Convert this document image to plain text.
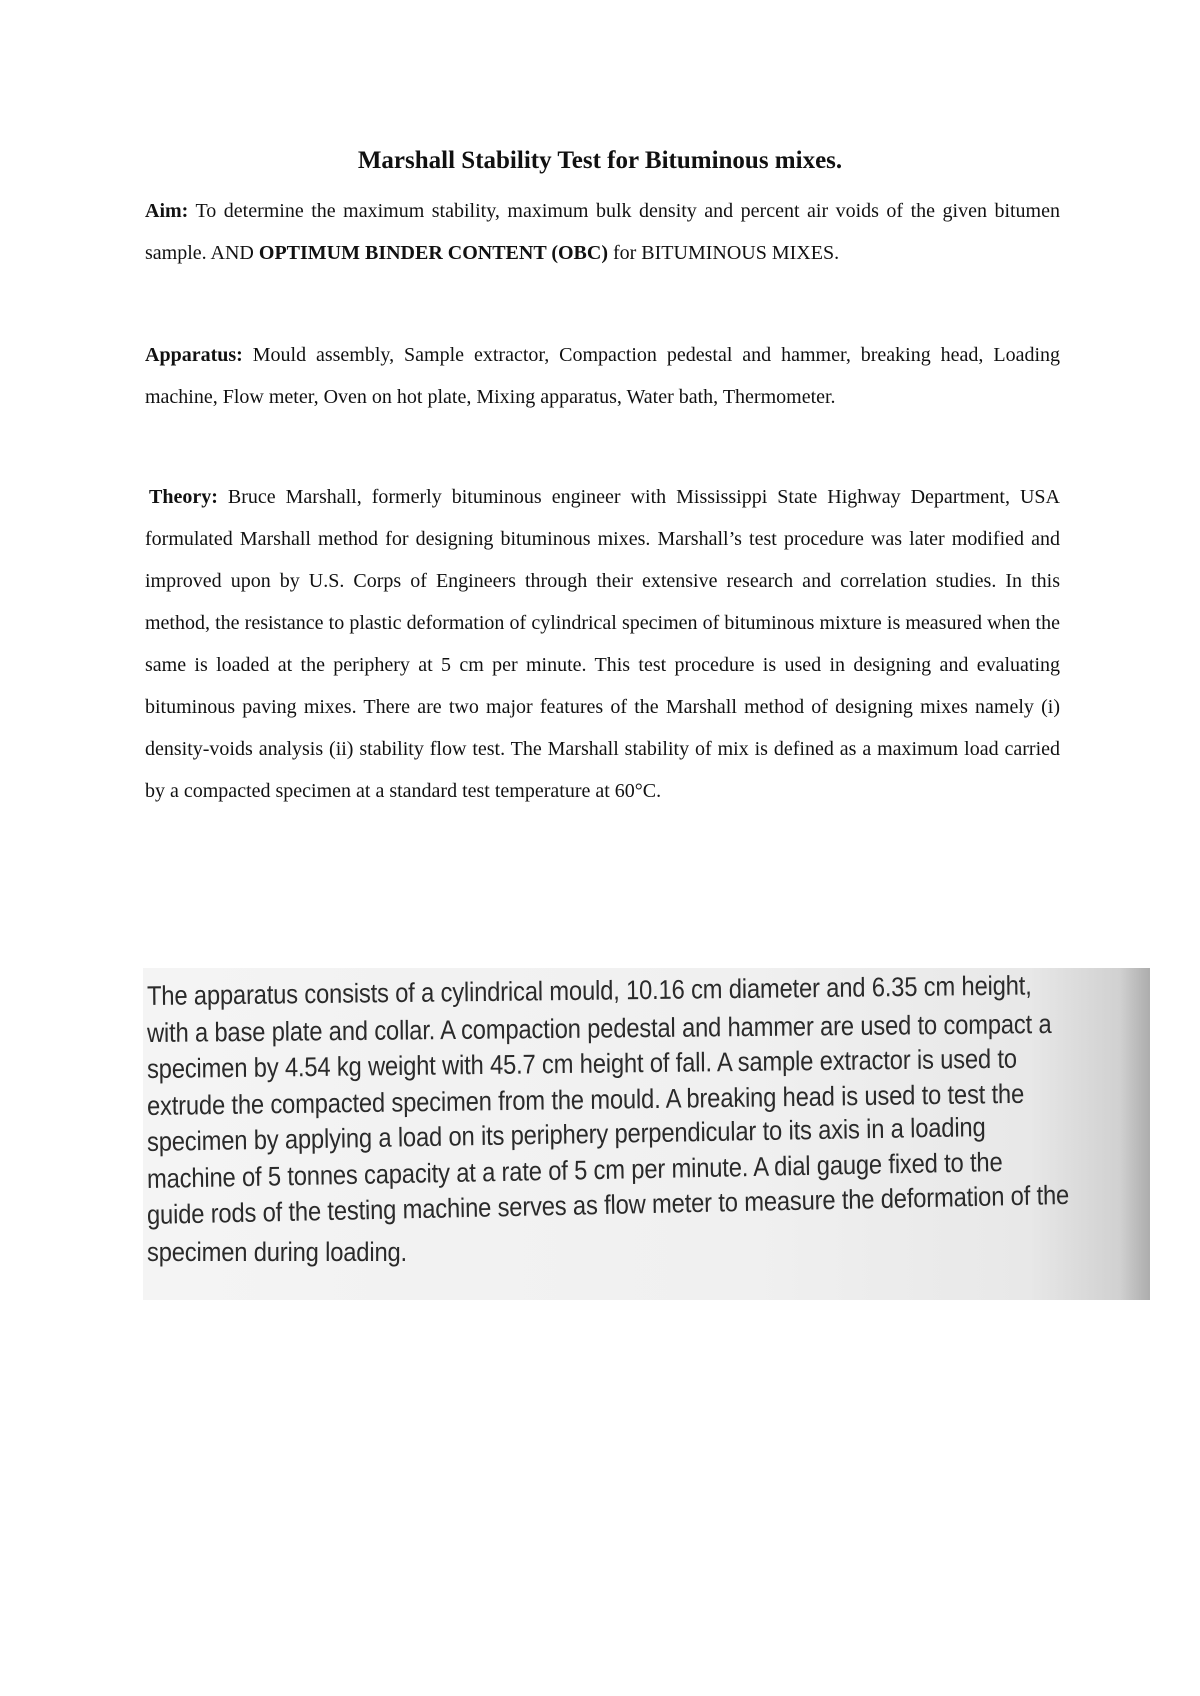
Marshall Stability Test for Bituminous mixes.

Aim: To determine the maximum stability, maximum bulk density and percent air voids of the given bitumen sample. AND OPTIMUM BINDER CONTENT (OBC) for BITUMINOUS MIXES.

Apparatus: Mould assembly, Sample extractor, Compaction pedestal and hammer, breaking head, Loading machine, Flow meter, Oven on hot plate, Mixing apparatus, Water bath, Thermometer.

Theory: Bruce Marshall, formerly bituminous engineer with Mississippi State Highway Department, USA formulated Marshall method for designing bituminous mixes. Marshall’s test procedure was later modified and improved upon by U.S. Corps of Engineers through their extensive research and correlation studies. In this method, the resistance to plastic deformation of cylindrical specimen of bituminous mixture is measured when the same is loaded at the periphery at 5 cm per minute. This test procedure is used in designing and evaluating bituminous paving mixes. There are two major features of the Marshall method of designing mixes namely (i) density-voids analysis (ii) stability flow test. The Marshall stability of mix is defined as a maximum load carried by a compacted specimen at a standard test temperature at 60°C.

The apparatus consists of a cylindrical mould, 10.16 cm diameter and 6.35 cm height,
with a base plate and collar. A compaction pedestal and hammer are used to compact a
specimen by 4.54 kg weight with 45.7 cm height of fall. A sample extractor is used to
extrude the compacted specimen from the mould. A breaking head is used to test the
specimen by applying a load on its periphery perpendicular to its axis in a loading
machine of 5 tonnes capacity at a rate of 5 cm per minute. A dial gauge fixed to the
guide rods of the testing machine serves as flow meter to measure the deformation of the
specimen during loading.
